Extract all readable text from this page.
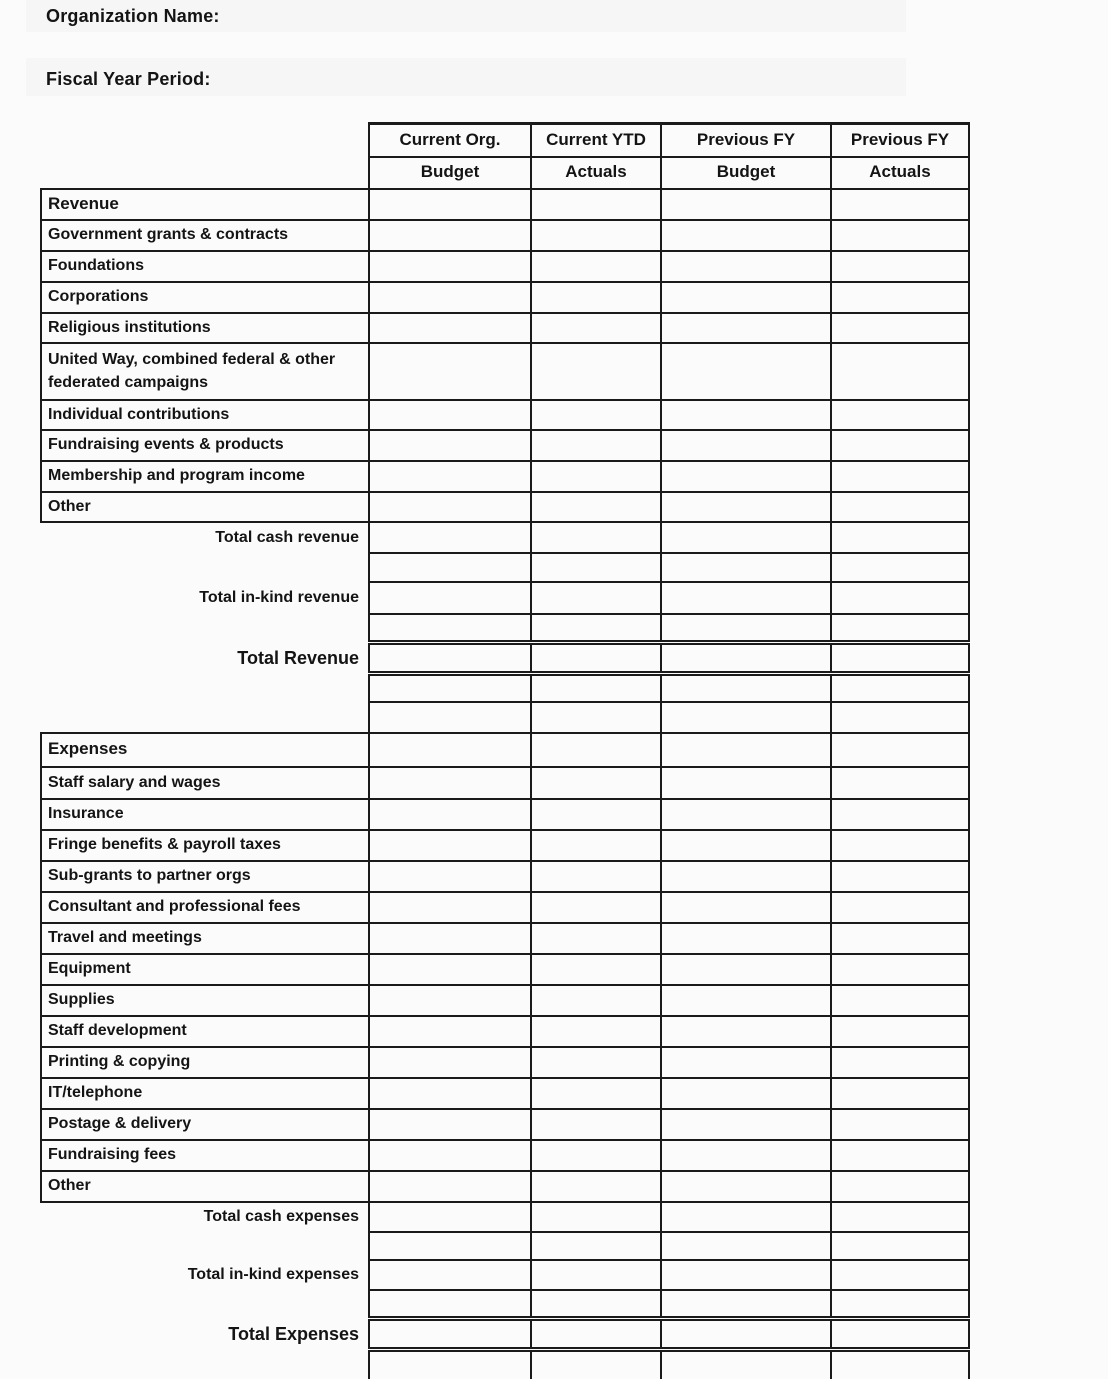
Organization Name:
Fiscal Year Period:
	Current Org.	Current YTD	Previous FY	Previous FY
	Budget	Actuals	Budget	Actuals
Revenue				
Government grants & contracts				
Foundations				
Corporations				
Religious institutions				
United Way, combined federal & other federated campaigns				
Individual contributions				
Fundraising events & products				
Membership and program income				
Other				
Total cash revenue				

Total in-kind revenue				

Total Revenue				

Expenses				
Staff salary and wages				
Insurance				
Fringe benefits & payroll taxes				
Sub-grants to partner orgs				
Consultant and professional fees				
Travel and meetings				
Equipment				
Supplies				
Staff development				
Printing & copying				
IT/telephone				
Postage & delivery				
Fundraising fees				
Other				
Total cash expenses				

Total in-kind expenses				

Total Expenses				
